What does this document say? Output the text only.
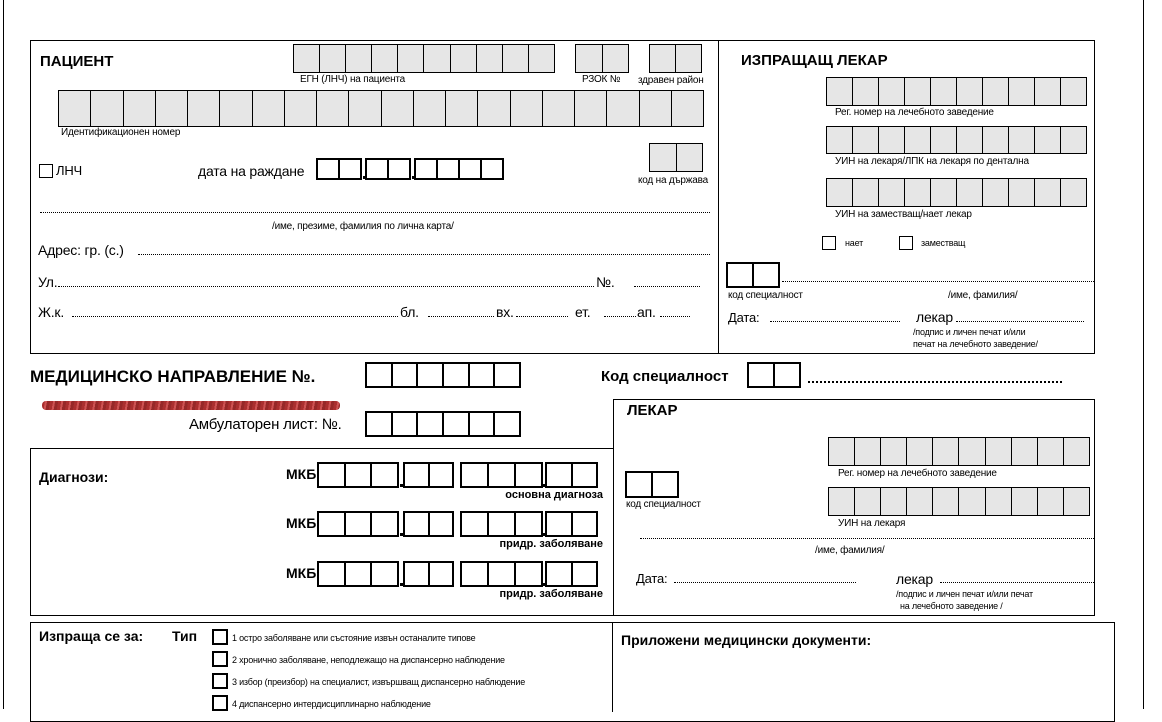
ПАЦИЕНТ
ЕГН (ЛНЧ) на пациента	РЗОК № здравен район
Идентификационен номер
ЛНЧ	дата на раждане
код на държава
/име, презиме, фамилия по лична карта/
Адрес: гр. (с.)
Ул.	№.
Ж.к.	бл.	вх.	ет.	ап.
ИЗПРАЩАЩ ЛЕКАР
Рег. номер на лечебното заведение
УИН на лекаря/ЛПК на лекаря по дентална
УИН на заместващ/нает лекар
нает	заместващ
код специалност	/име, фамилия/
Дата:	лекар
/подпис и личен печат и/или
печат на лечебното заведение/
МЕДИЦИНСКО НАПРАВЛЕНИЕ №.
Амбулаторен лист: №.
Код специалност
ЛЕКАР
Рег. номер на лечебното заведение
УИН на лекаря
код специалност
/име, фамилия/
Дата:	лекар
/подпис и личен печат и/или печат
на лечебното заведение /
Диагнози:	МКБ
основна диагноза
МКБ
придр. заболяване
МКБ
придр. заболяване
Изпраща се за: Тип	1 остро заболяване или състояние извън останалите типове
2 хронично заболяване, неподлежащо на диспансерно наблюдение
3 избор (преизбор) на специалист, извършващ диспансерно наблюдение
4 диспансерно интердисциплинарно наблюдение
Приложени медицински документи:
